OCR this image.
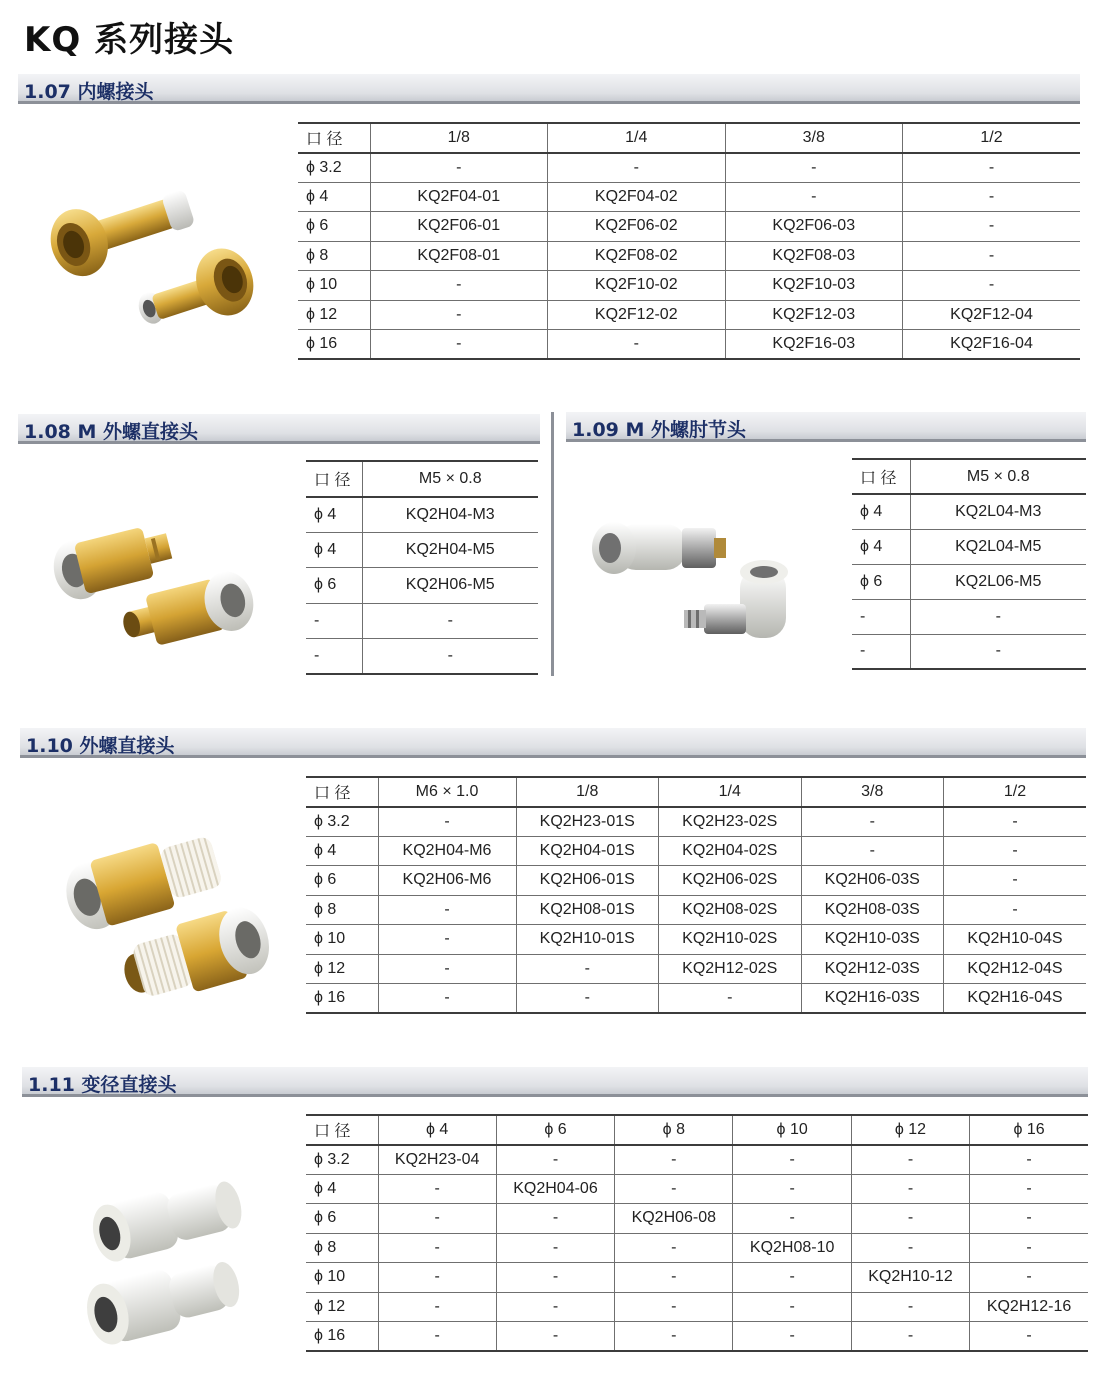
KQ 系列接头
1.07 内螺接头
口 径	1/8	1/4	3/8	1/2
ϕ 3.2	-	-	-	-
ϕ 4	KQ2F04-01	KQ2F04-02	-	-
ϕ 6	KQ2F06-01	KQ2F06-02	KQ2F06-03	-
ϕ 8	KQ2F08-01	KQ2F08-02	KQ2F08-03	-
ϕ 10	-	KQ2F10-02	KQ2F10-03	-
ϕ 12	-	KQ2F12-02	KQ2F12-03	KQ2F12-04
ϕ 16	-	-	KQ2F16-03	KQ2F16-04
1.08 M 外螺直接头
口 径	M5 × 0.8
ϕ 4	KQ2H04-M3
ϕ 4	KQ2H04-M5
ϕ 6	KQ2H06-M5
-	-
-	-
1.09 M 外螺肘节头
口 径	M5 × 0.8
ϕ 4	KQ2L04-M3
ϕ 4	KQ2L04-M5
ϕ 6	KQ2L06-M5
-	-
-	-
1.10 外螺直接头
口 径	M6 × 1.0	1/8	1/4	3/8	1/2
ϕ 3.2	-	KQ2H23-01S	KQ2H23-02S	-	-
ϕ 4	KQ2H04-M6	KQ2H04-01S	KQ2H04-02S	-	-
ϕ 6	KQ2H06-M6	KQ2H06-01S	KQ2H06-02S	KQ2H06-03S	-
ϕ 8	-	KQ2H08-01S	KQ2H08-02S	KQ2H08-03S	-
ϕ 10	-	KQ2H10-01S	KQ2H10-02S	KQ2H10-03S	KQ2H10-04S
ϕ 12	-	-	KQ2H12-02S	KQ2H12-03S	KQ2H12-04S
ϕ 16	-	-	-	KQ2H16-03S	KQ2H16-04S
1.11 变径直接头
口 径	ϕ 4	ϕ 6	ϕ 8	ϕ 10	ϕ 12	ϕ 16
ϕ 3.2	KQ2H23-04	-	-	-	-	-
ϕ 4	-	KQ2H04-06	-	-	-	-
ϕ 6	-	-	KQ2H06-08	-	-	-
ϕ 8	-	-	-	KQ2H08-10	-	-
ϕ 10	-	-	-	-	KQ2H10-12	-
ϕ 12	-	-	-	-	-	KQ2H12-16
ϕ 16	-	-	-	-	-	-
